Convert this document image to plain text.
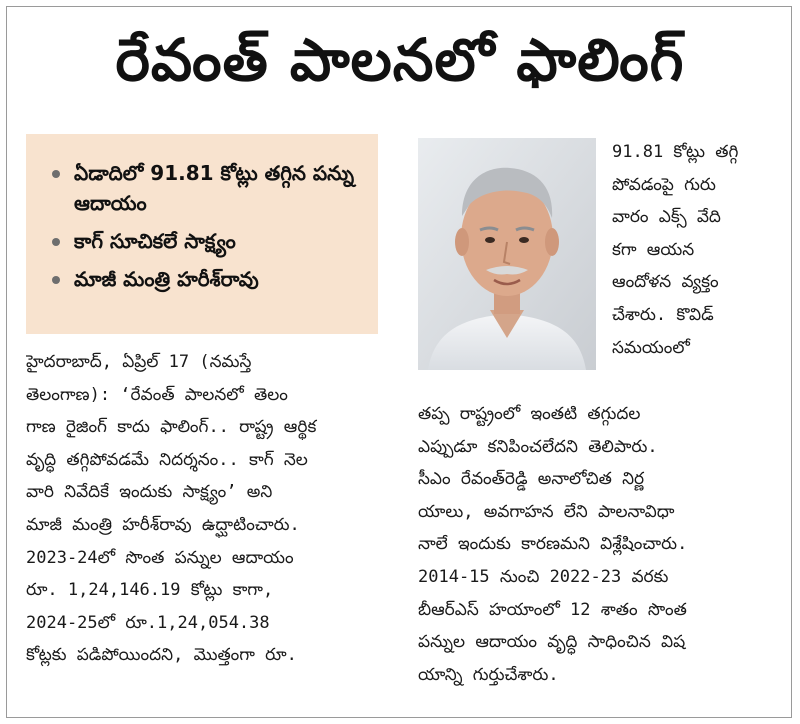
రేవంత్ పాలనలో ఫాలింగ్
ఏడాదిలో 91.81 కోట్లు తగ్గిన పన్ను ఆదాయం
కాగ్ సూచికలే సాక్ష్యం
మాజీ మంత్రి హరీశ్‌రావు
హైదరాబాద్, ఏప్రిల్ 17 (నమస్తే
తెలంగాణ): ‘రేవంత్ పాలనలో తెలం
గాణ రైజింగ్ కాదు ఫాలింగ్.. రాష్ట్ర ఆర్థిక
వృద్ధి తగ్గిపోవడమే నిదర్శనం.. కాగ్ నెల
వారి నివేదికే ఇందుకు సాక్ష్యం’ అని
మాజీ మంత్రి హరీశ్‌రావు ఉద్ఘాటించారు.
2023-24లో సొంత పన్నుల ఆదాయం
రూ. 1,24,146.19 కోట్లు కాగా,
2024-25లో రూ.1,24,054.38
కోట్లకు పడిపోయిందని, మొత్తంగా రూ.
91.81 కోట్లు తగ్గి
పోవడంపై గురు
వారం ఎక్స్ వేది
కగా ఆయన
ఆందోళన వ్యక్తం
చేశారు. కొవిడ్
సమయంలో
తప్ప రాష్ట్రంలో ఇంతటి తగ్గుదల
ఎప్పుడూ కనిపించలేదని తెలిపారు.
సీఎం రేవంత్‌రెడ్డి అనాలోచిత నిర్ణ
యాలు, అవగాహన లేని పాలనావిధా
నాలే ఇందుకు కారణమని విశ్లేషించారు.
2014-15 నుంచి 2022-23 వరకు
బీఆర్‌ఎస్ హయాంలో 12 శాతం సొంత
పన్నుల ఆదాయం వృద్ధి సాధించిన విష
యాన్ని గుర్తుచేశారు.
